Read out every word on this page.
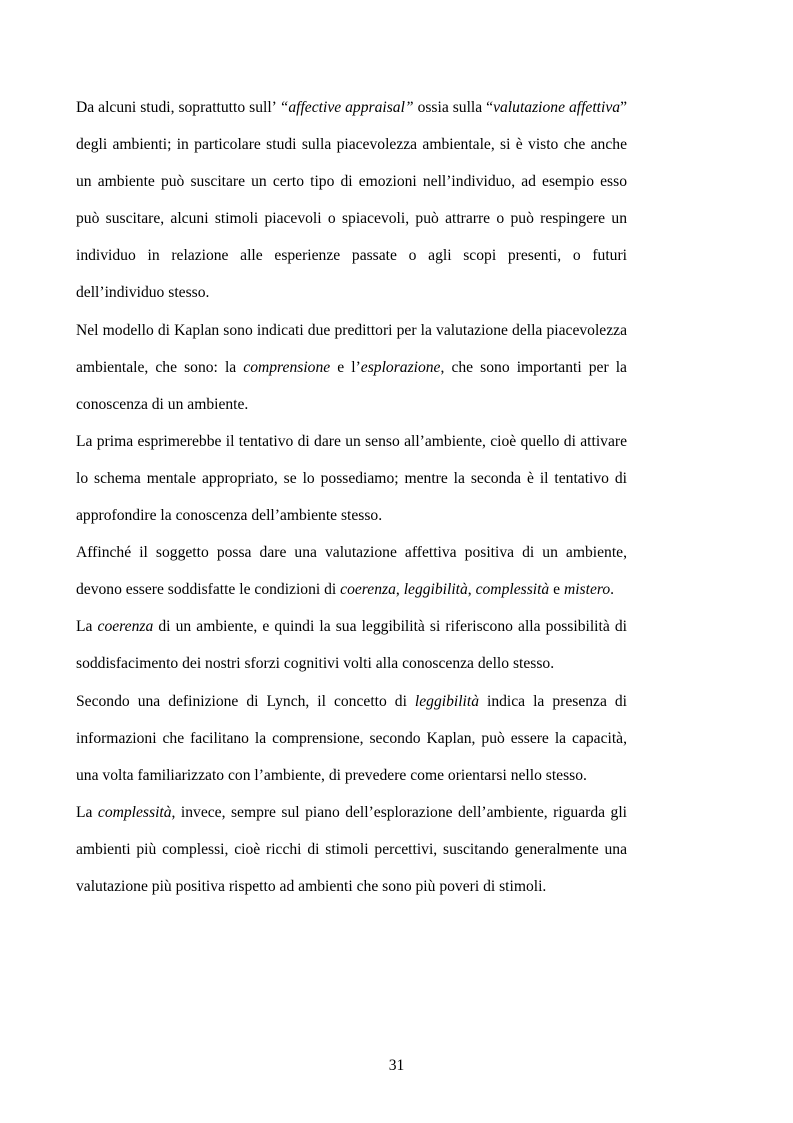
Da alcuni studi, soprattutto sull’ “affective appraisal” ossia sulla “valutazione affettiva” degli ambienti; in particolare studi sulla piacevolezza ambientale, si è visto che anche un ambiente può suscitare un certo tipo di emozioni nell’individuo, ad esempio esso può suscitare, alcuni stimoli piacevoli o spiacevoli, può attrarre o può respingere un individuo in relazione alle esperienze passate o agli scopi presenti, o futuri dell’individuo stesso.

Nel modello di Kaplan sono indicati due predittori per la valutazione della piacevolezza ambientale, che sono: la comprensione e l’esplorazione, che sono importanti per la conoscenza di un ambiente.

La prima esprimerebbe il tentativo di dare un senso all’ambiente, cioè quello di attivare lo schema mentale appropriato, se lo possediamo; mentre la seconda è il tentativo di approfondire la conoscenza dell’ambiente stesso.

Affinché il soggetto possa dare una valutazione affettiva positiva di un ambiente, devono essere soddisfatte le condizioni di coerenza, leggibilità, complessità e mistero.

La coerenza di un ambiente, e quindi la sua leggibilità si riferiscono alla possibilità di soddisfacimento dei nostri sforzi cognitivi volti alla conoscenza dello stesso.

Secondo una definizione di Lynch, il concetto di leggibilità indica la presenza di informazioni che facilitano la comprensione, secondo Kaplan, può essere la capacità, una volta familiarizzato con l’ambiente, di prevedere come orientarsi nello stesso.

La complessità, invece, sempre sul piano dell’esplorazione dell’ambiente, riguarda gli ambienti più complessi, cioè ricchi di stimoli percettivi, suscitando generalmente una valutazione più positiva rispetto ad ambienti che sono più poveri di stimoli.

31
